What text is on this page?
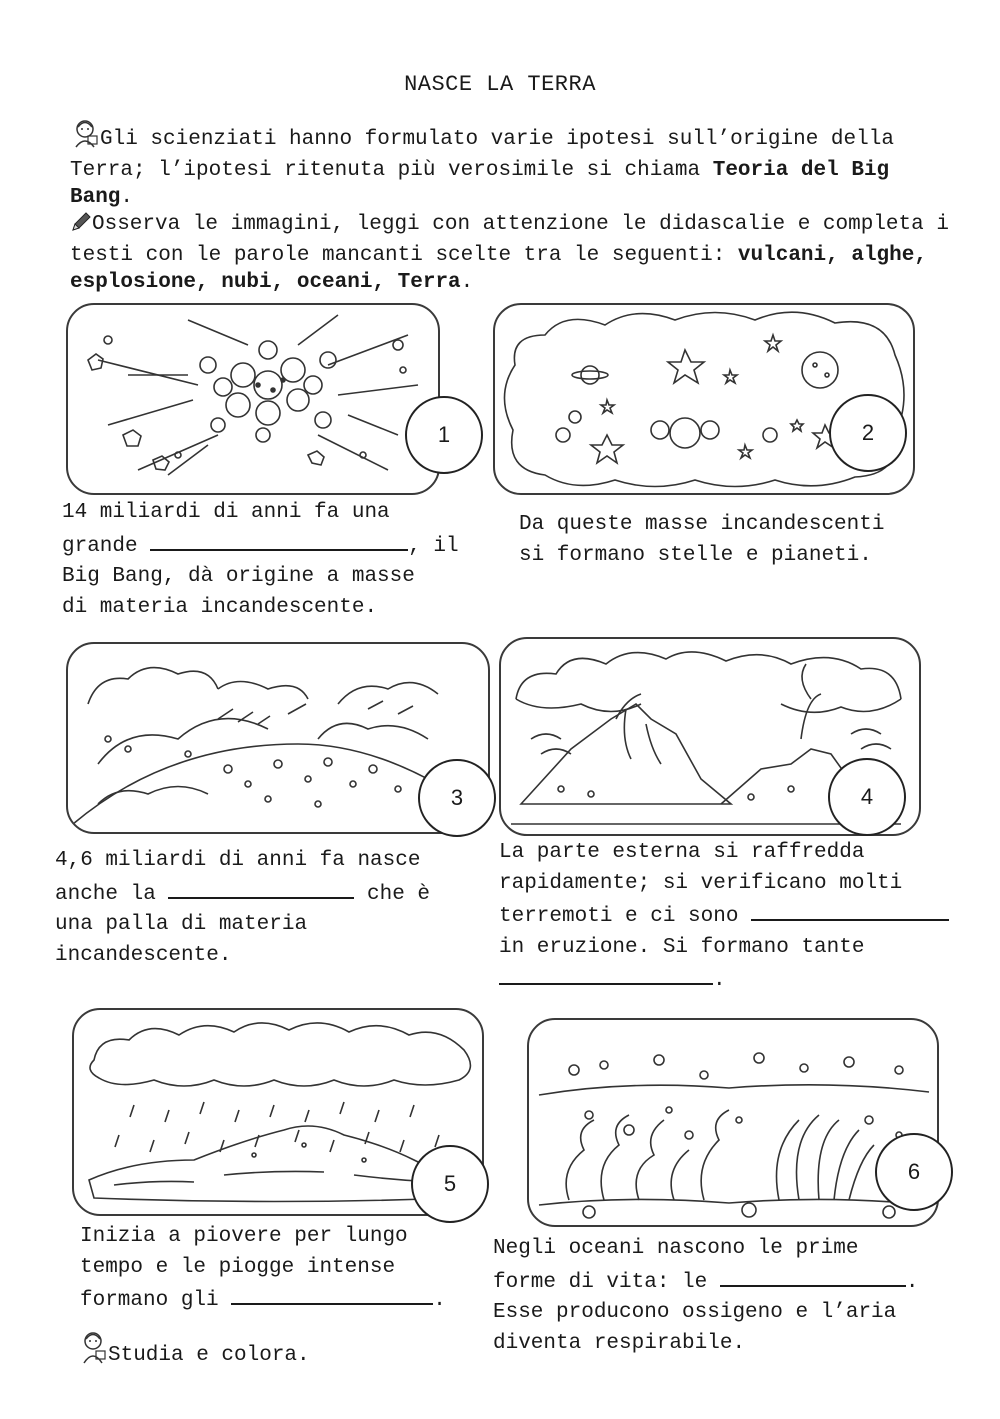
NASCE LA TERRA

Gli scienziati hanno formulato varie ipotesi sull’origine della Terra; l’ipotesi ritenuta più verosimile si chiama Teoria del Big Bang.

Osserva le immagini, leggi con attenzione le didascalie e completa i testi con le parole mancanti scelte tra le seguenti: vulcani, alghe, esplosione, nubi, oceani, Terra.

1	2

14 miliardi di anni fa una
grande	, il
Big Bang, dà origine a masse
di materia incandescente.

Da queste masse incandescenti
si formano stelle e pianeti.

3	4

4,6 miliardi di anni fa nasce
anche la	che è
una palla di materia
incandescente.

La parte esterna si raffredda
rapidamente; si verificano molti
terremoti e ci sono
in eruzione. Si formano tante
.

5	6

Inizia a piovere per lungo
tempo e le piogge intense
formano gli	.

Negli oceani nascono le prime
forme di vita: le	.
Esse producono ossigeno e l’aria
diventa respirabile.

Studia e colora.
